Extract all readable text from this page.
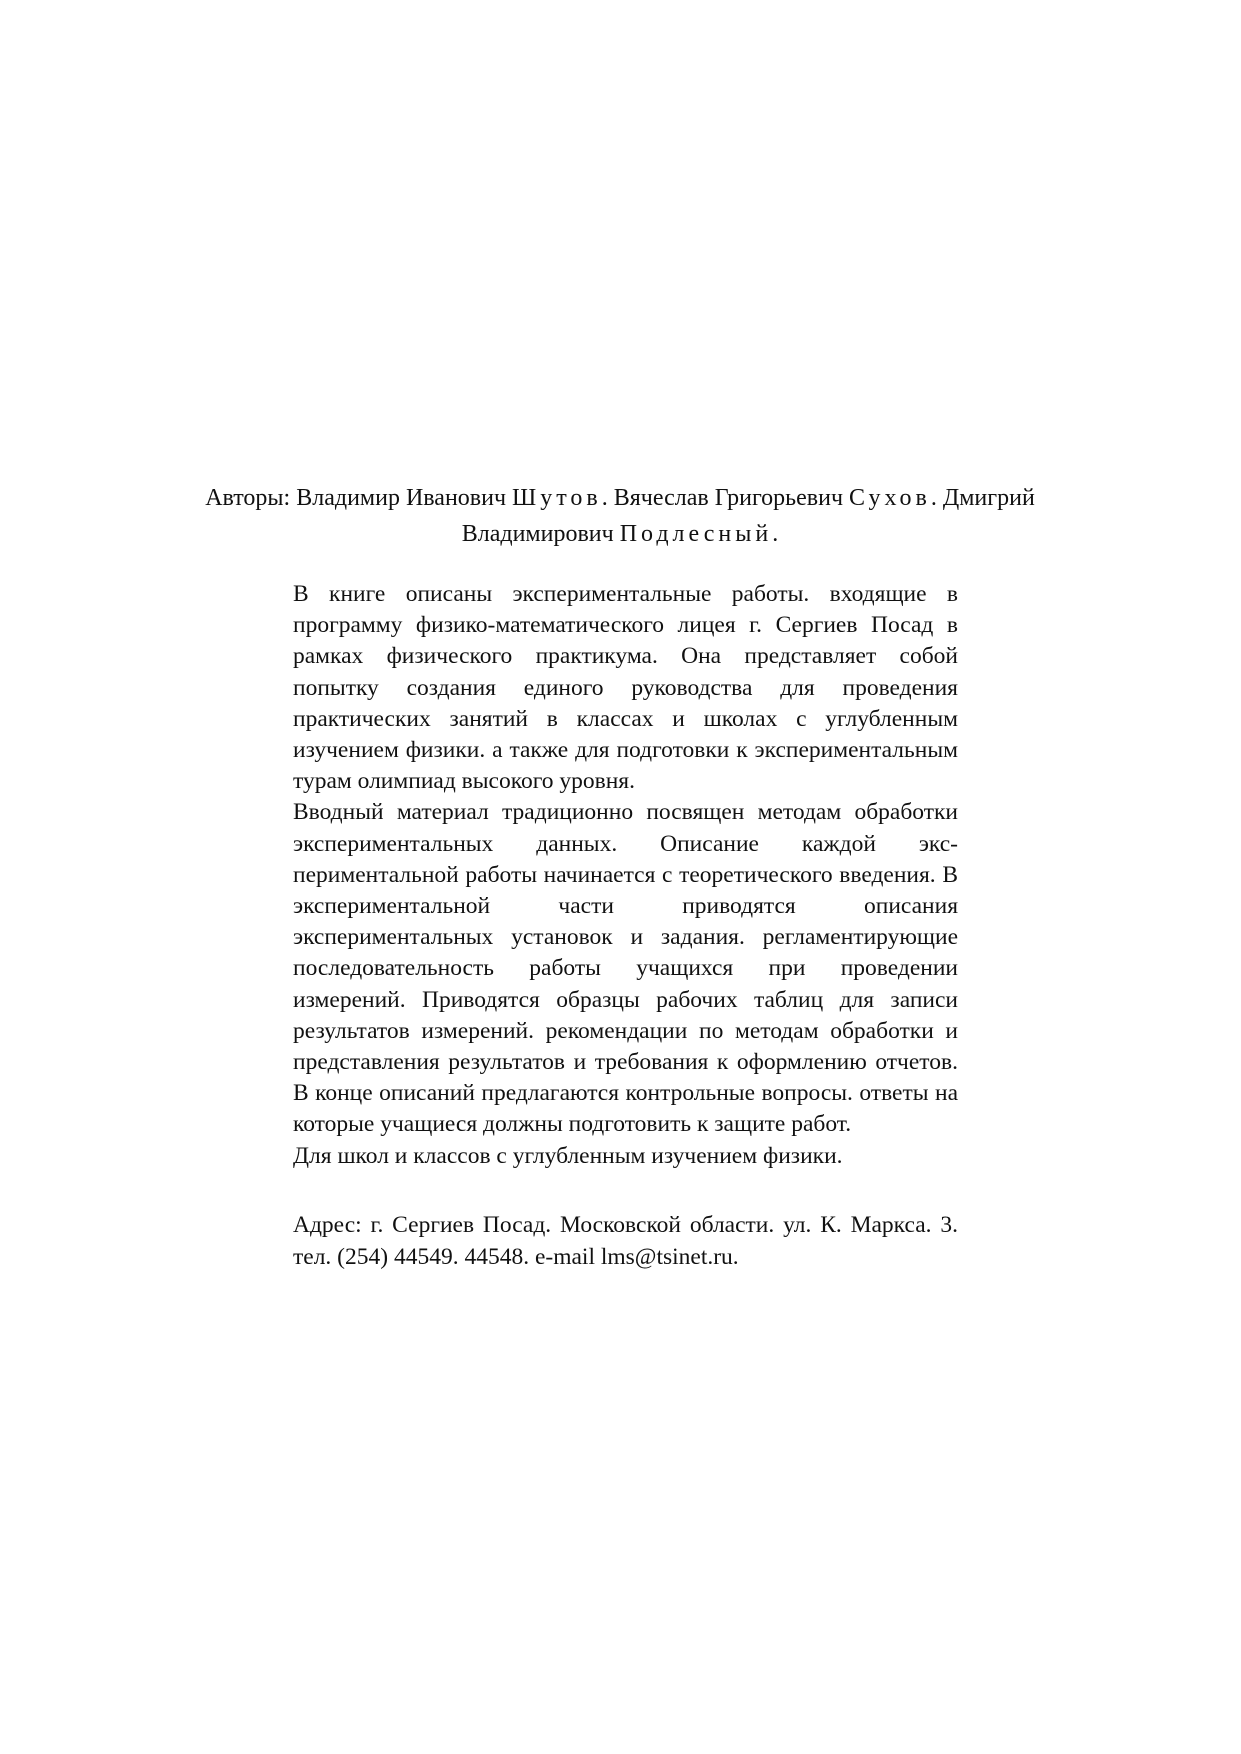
Авторы: Владимир Иванович Шутов. Вячеслав Григорьевич Сухов. Дмигрий Владимирович Подлесный.

В книге описаны экспериментальные работы. входящие в программу физико-математического лицея г. Сергиев Посад в рамках физического практикума. Она представляет собой попытку создания единого руководства для проведения практических занятий в классах и школах с углубленным изучением физики. а также для подготовки к экспериментальным турам олимпиад высокого уровня.

Вводный материал традиционно посвящен методам обработки экспериментальных данных. Описание каждой экспериментальной работы начинается с теоретического введения. В экспериментальной части приводятся описания экспериментальных установок и задания. регламентирующие последовательность работы учащихся при проведении измерений. Приводятся образцы рабочих таблиц для записи результатов измерений. рекомендации по методам обработки и представления результатов и требования к оформлению отчетов. В конце описаний предлагаются контрольные вопросы. ответы на которые учащиеся должны подготовить к защите работ.

Для школ и классов с углубленным изучением физики.

Адрес: г. Сергиев Посад. Московской области. ул. К. Маркса. 3. тел. (254) 44549. 44548. e-mail lms@tsinet.ru.
